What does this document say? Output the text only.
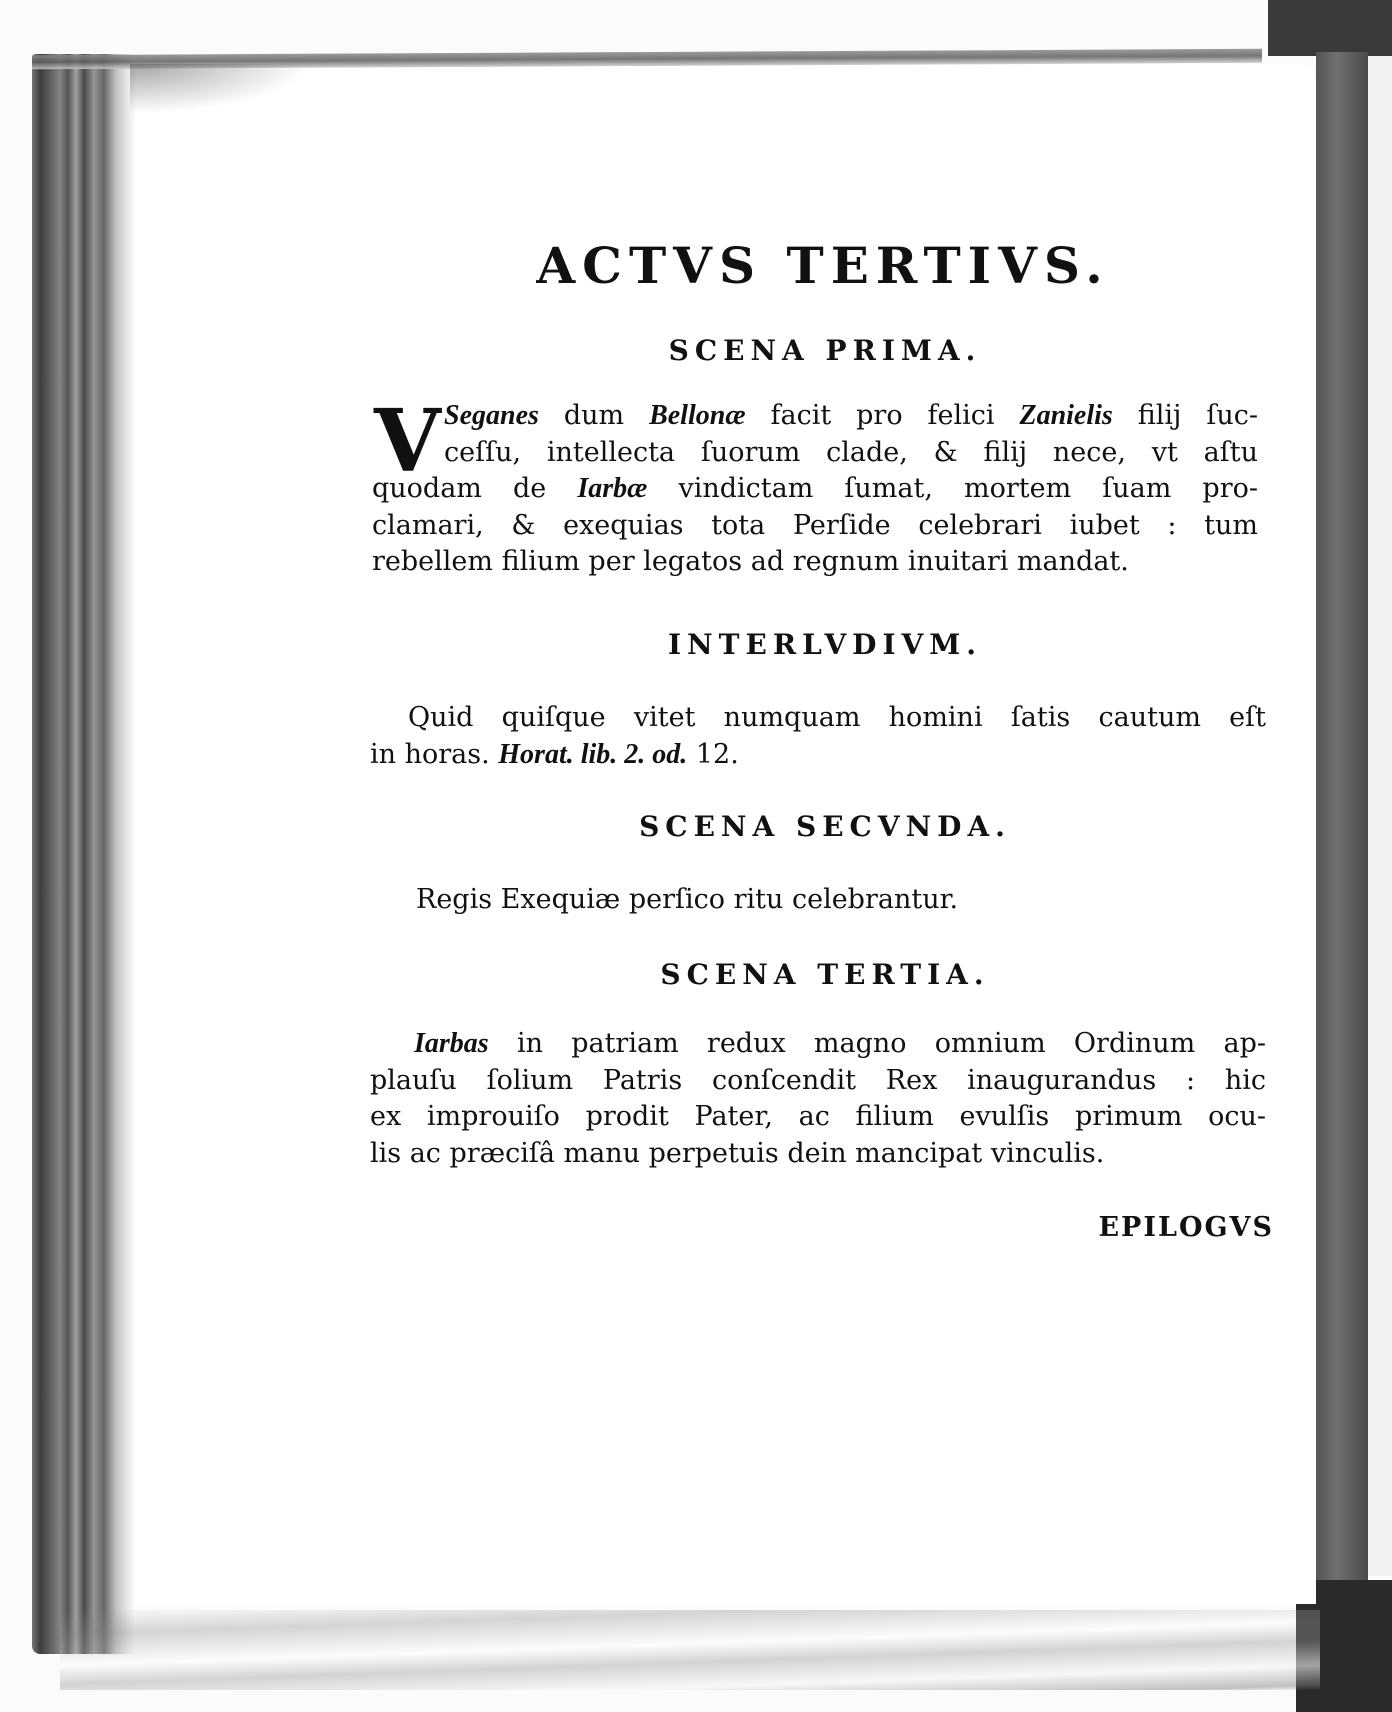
ACTVS TERTIVS.
SCENA PRIMA.
V Seganes dum Bellonæ facit pro felici Zanielis filij ſuc-
ceſſu, intellecta ſuorum clade, & filij nece, vt aſtu
quodam de Iarbæ vindictam ſumat, mortem ſuam pro-
clamari, & exequias tota Perſide celebrari iubet : tum
rebellem filium per legatos ad regnum inuitari mandat.
INTERLVDIVM.
Quid quiſque vitet numquam homini ſatis cautum eſt
in horas. Horat. lib. 2. od. 12.
SCENA SECVNDA.
Regis Exequiæ perſico ritu celebrantur.
SCENA TERTIA.
Iarbas in patriam redux magno omnium Ordinum ap-
plauſu ſolium Patris conſcendit Rex inaugurandus : hic
ex improuiſo prodit Pater, ac filium evulſis primum ocu-
lis ac præciſâ manu perpetuis dein mancipat vinculis.

EPILOGVS
